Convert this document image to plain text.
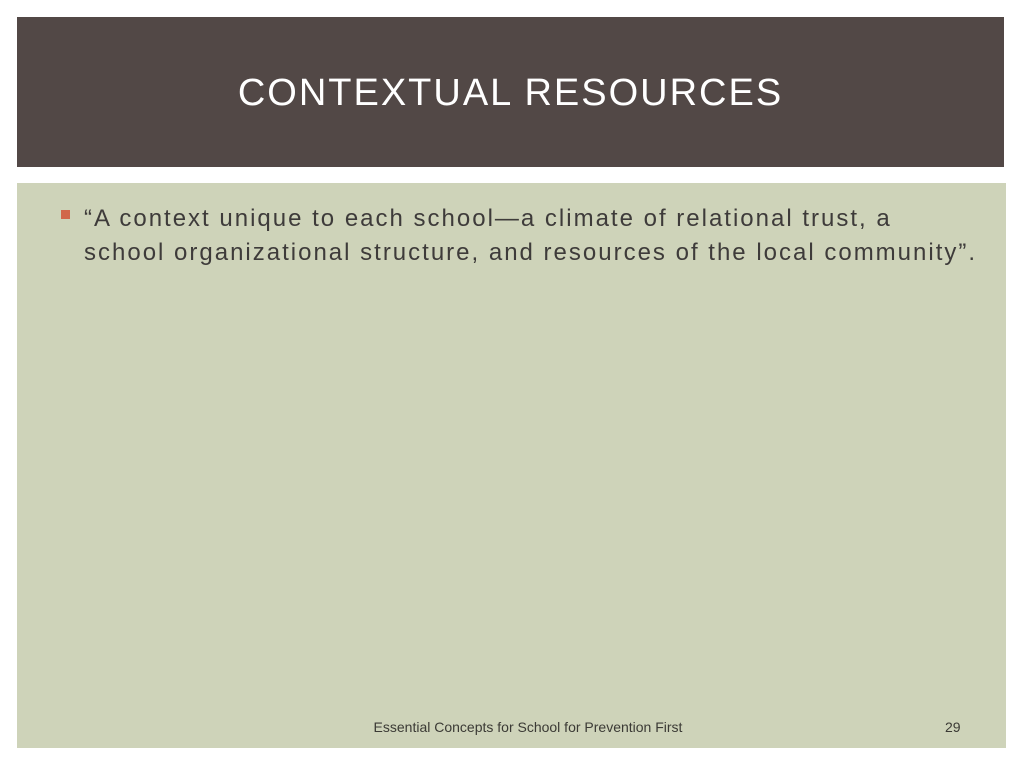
CONTEXTUAL RESOURCES
“A context unique to each school—a climate of relational trust, a school organizational structure, and resources of the local community”.
Essential Concepts for School for Prevention First	29
